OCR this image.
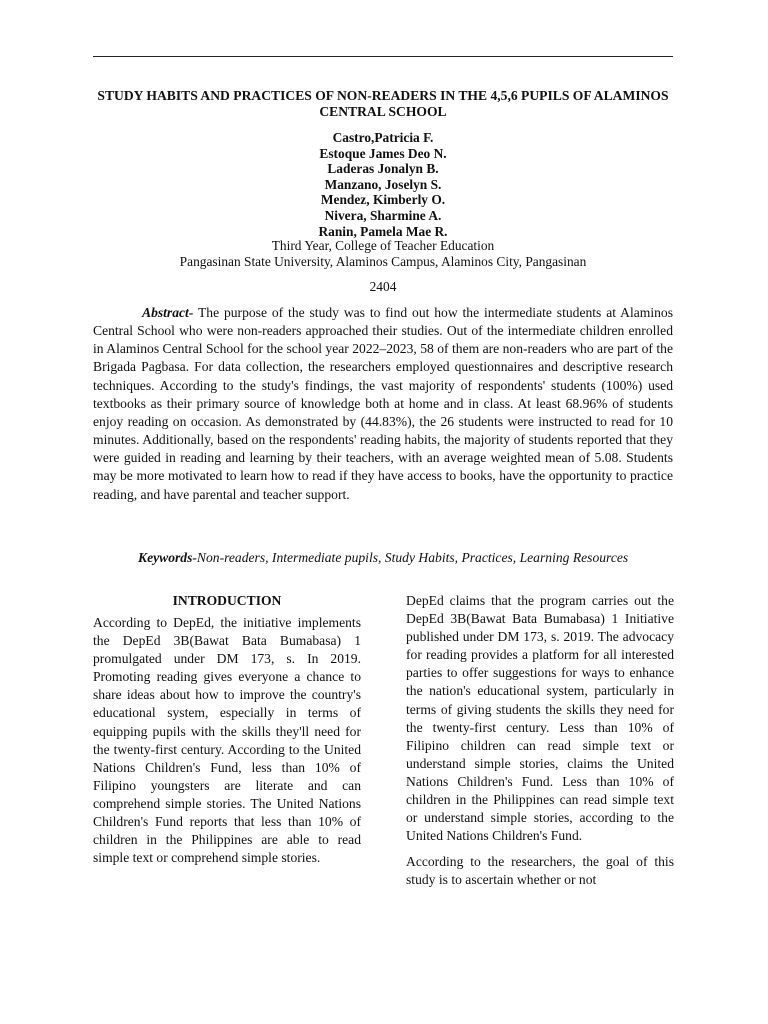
STUDY HABITS AND PRACTICES OF NON-READERS IN THE 4,5,6 PUPILS OF ALAMINOS CENTRAL SCHOOL
Castro,Patricia F.
Estoque James Deo N.
Laderas Jonalyn B.
Manzano, Joselyn S.
Mendez, Kimberly O.
Nivera, Sharmine A.
Ranin, Pamela Mae R.

Third Year, College of Teacher Education

Pangasinan State University, Alaminos Campus, Alaminos City, Pangasinan

2404

Abstract- The purpose of the study was to find out how the intermediate students at Alaminos Central School who were non-readers approached their studies. Out of the intermediate children enrolled in Alaminos Central School for the school year 2022–2023, 58 of them are non-readers who are part of the Brigada Pagbasa. For data collection, the researchers employed questionnaires and descriptive research techniques. According to the study's findings, the vast majority of respondents' students (100%) used textbooks as their primary source of knowledge both at home and in class. At least 68.96% of students enjoy reading on occasion. As demonstrated by (44.83%), the 26 students were instructed to read for 10 minutes. Additionally, based on the respondents' reading habits, the majority of students reported that they were guided in reading and learning by their teachers, with an average weighted mean of 5.08. Students may be more motivated to learn how to read if they have access to books, have the opportunity to practice reading, and have parental and teacher support.

Keywords-Non-readers, Intermediate pupils, Study Habits, Practices, Learning Resources

INTRODUCTION

According to DepEd, the initiative implements the DepEd 3B(Bawat Bata Bumabasa) 1 promulgated under DM 173, s. In 2019. Promoting reading gives everyone a chance to share ideas about how to improve the country's educational system, especially in terms of equipping pupils with the skills they'll need for the twenty-first century. According to the United Nations Children's Fund, less than 10% of Filipino youngsters are literate and can comprehend simple stories. The United Nations Children's Fund reports that less than 10% of children in the Philippines are able to read simple text or comprehend simple stories.

DepEd claims that the program carries out the DepEd 3B(Bawat Bata Bumabasa) 1 Initiative published under DM 173, s. 2019. The advocacy for reading provides a platform for all interested parties to offer suggestions for ways to enhance the nation's educational system, particularly in terms of giving students the skills they need for the twenty-first century. Less than 10% of Filipino children can read simple text or understand simple stories, claims the United Nations Children's Fund. Less than 10% of children in the Philippines can read simple text or understand simple stories, according to the United Nations Children's Fund.

According to the researchers, the goal of this study is to ascertain whether or not
